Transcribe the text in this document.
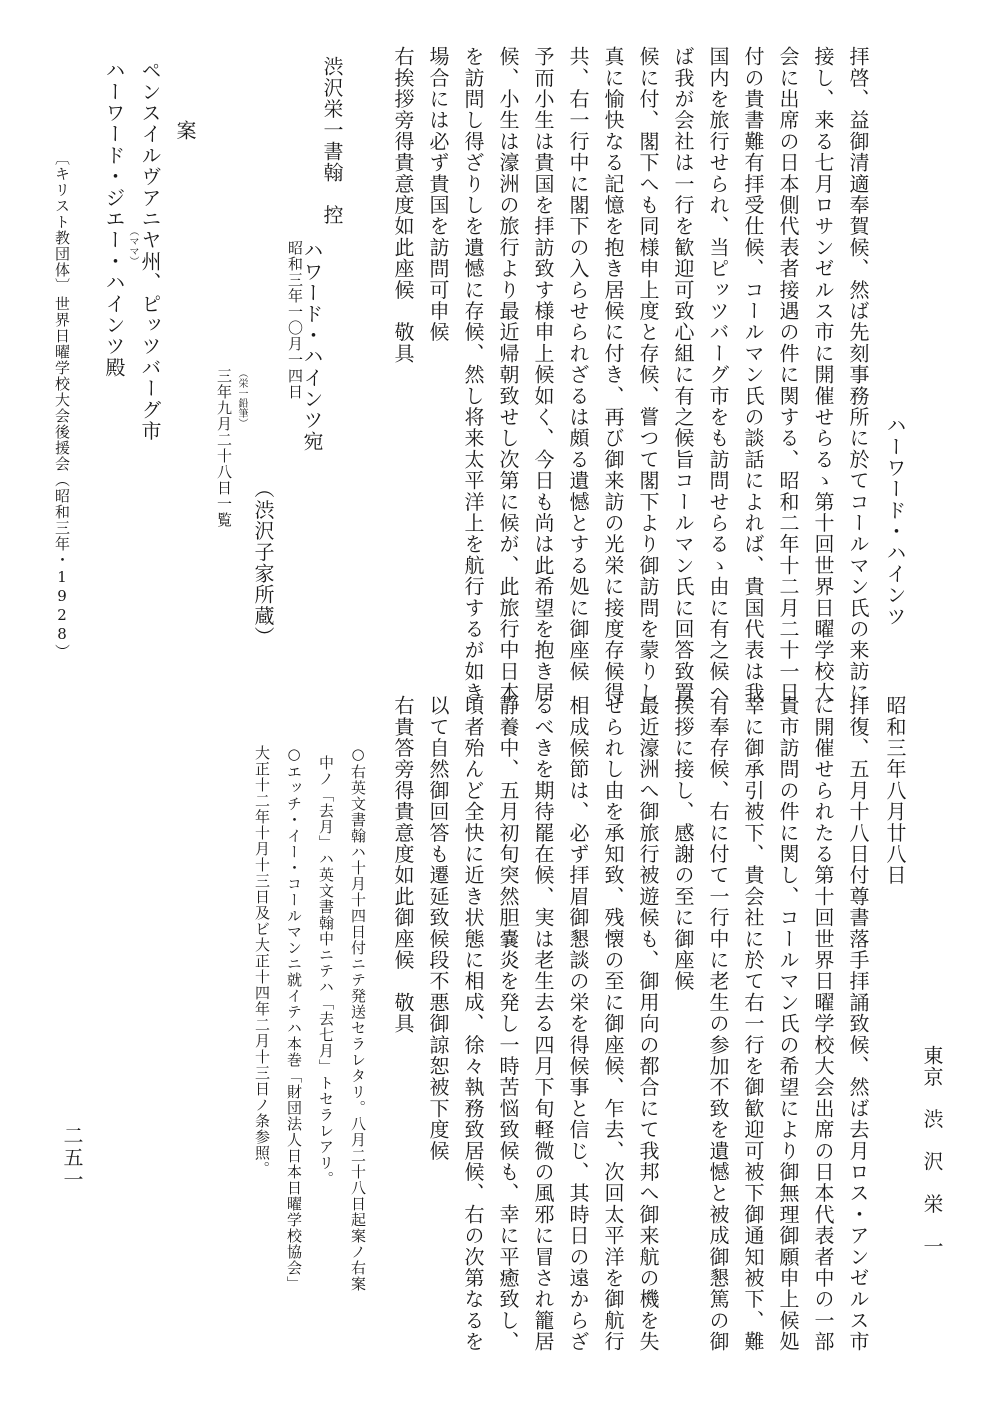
ハーワード・ハインツ
拝啓、益御清適奉賀候、然ば先刻事務所に於てコールマン氏の来訪に
接し、来る七月ロサンゼルス市に開催せらるゝ第十回世界日曜学校大
会に出席の日本側代表者接遇の件に関する、昭和二年十二月二十一日
付の貴書難有拝受仕候、コールマン氏の談話によれば、貴国代表は我
国内を旅行せられ、当ピッツバーグ市をも訪問せらるゝ由に有之候へ
ば我が会社は一行を歓迎可致心組に有之候旨コールマン氏に回答致置
候に付、閣下へも同様申上度と存候、嘗つて閣下より御訪問を蒙りし
真に愉快なる記憶を抱き居候に付き、再び御来訪の光栄に接度存候得
共、右一行中に閣下の入らせられざるは頗る遺憾とする処に御座候
予而小生は貴国を拝訪致す様申上候如く、今日も尚は此希望を抱き居
候、小生は濠洲の旅行より最近帰朝致せし次第に候が、此旅行中日本
を訪問し得ざりしを遺憾に存候、然し将来太平洋上を航行するが如き
場合には必ず貴国を訪問可申候
右挨拶旁得貴意度如此座候　敬具
渋沢栄一書翰　控
ハワード・ハインツ宛
昭和三年一〇月一四日
（渋沢子家所蔵）
案
（栄一鉛筆）
三年九月二十八日一覧
ペンスイルヴアニヤ州、ピッツバーグ市
（ママ）
ハーワード・ジエー・ハインツ殿
〔キリスト教団体〕
世界日曜学校大会後援会（昭和三年・1928）
東京　渋　沢　栄　一
昭和三年八月廿八日
拝復、五月十八日付尊書落手拝誦致候、然ば去月ロス・アンゼルス市
に開催せられたる第十回世界日曜学校大会出席の日本代表者中の一部
貴市訪問の件に関し、コールマン氏の希望により御無理御願申上候処
幸に御承引被下、貴会社に於て右一行を御歓迎可被下御通知被下、難
有奉存候、右に付て一行中に老生の参加不致を遺憾と被成御懇篤の御
挨拶に接し、感謝の至に御座候
最近濠洲へ御旅行被遊候も、御用向の都合にて我邦へ御来航の機を失
せられし由を承知致、残懐の至に御座候、乍去、次回太平洋を御航行
相成候節は、必ず拝眉御懇談の栄を得候事と信じ、其時日の遠からざ
るべきを期待罷在候、実は老生去る四月下旬軽微の風邪に冒され籠居
静養中、五月初旬突然胆嚢炎を発し一時苦悩致候も、幸に平癒致し、
頃者殆んど全快に近き状態に相成、徐々執務致居候、右の次第なるを
以て自然御回答も遷延致候段不悪御諒恕被下度候
右貴答旁得貴意度如此御座候　敬具
○右英文書翰ハ十月十四日付ニテ発送セラレタリ。八月二十八日起案ノ右案
中ノ「去月」ハ英文書翰中ニテハ「去七月」トセラレアリ。
○エッチ・イー・コールマンニ就イテハ本巻「財団法人日本日曜学校協会」
大正十二年十月十三日及ビ大正十四年二月十三日ノ条参照。
二五一
